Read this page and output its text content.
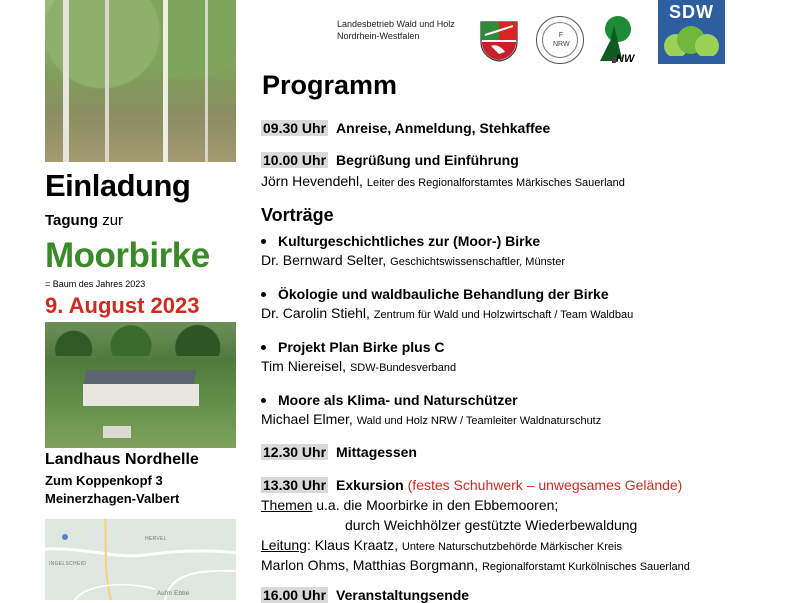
Einladung
Tagung zur
Moorbirke
= Baum des Jahres 2023
9. August 2023
Landhaus Nordhelle
Zum Koppenkopf 3
Meinerzhagen-Valbert
HERVEL
INGELSCHEID
Aufm Ebbe
Landesbetrieb Wald und Holz
Nordrhein-Westfalen	F
NRW
NW
SDW
Programm
09.30 Uhr Anreise, Anmeldung, Stehkaffee
10.00 Uhr Begrüßung und Einführung
Jörn Hevendehl, Leiter des Regionalforstamtes Märkisches Sauerland
Vorträge
Kulturgeschichtliches zur (Moor-) Birke
Dr. Bernward Selter, Geschichtswissenschaftler, Münster
Ökologie und waldbauliche Behandlung der Birke
Dr. Carolin Stiehl, Zentrum für Wald und Holzwirtschaft / Team Waldbau
Projekt Plan Birke plus C
Tim Niereisel, SDW-Bundesverband
Moore als Klima- und Naturschützer
Michael Elmer, Wald und Holz NRW / Teamleiter Waldnaturschutz
12.30 Uhr Mittagessen
13.30 Uhr Exkursion (festes Schuhwerk – unwegsames Gelände)
Themen u.a. die Moorbirke in den Ebbemooren;
durch Weichhölzer gestützte Wiederbewaldung
Leitung: Klaus Kraatz, Untere Naturschutzbehörde Märkischer Kreis
Marlon Ohms, Matthias Borgmann, Regionalforstamt Kurkölnisches Sauerland
16.00 Uhr Veranstaltungsende
